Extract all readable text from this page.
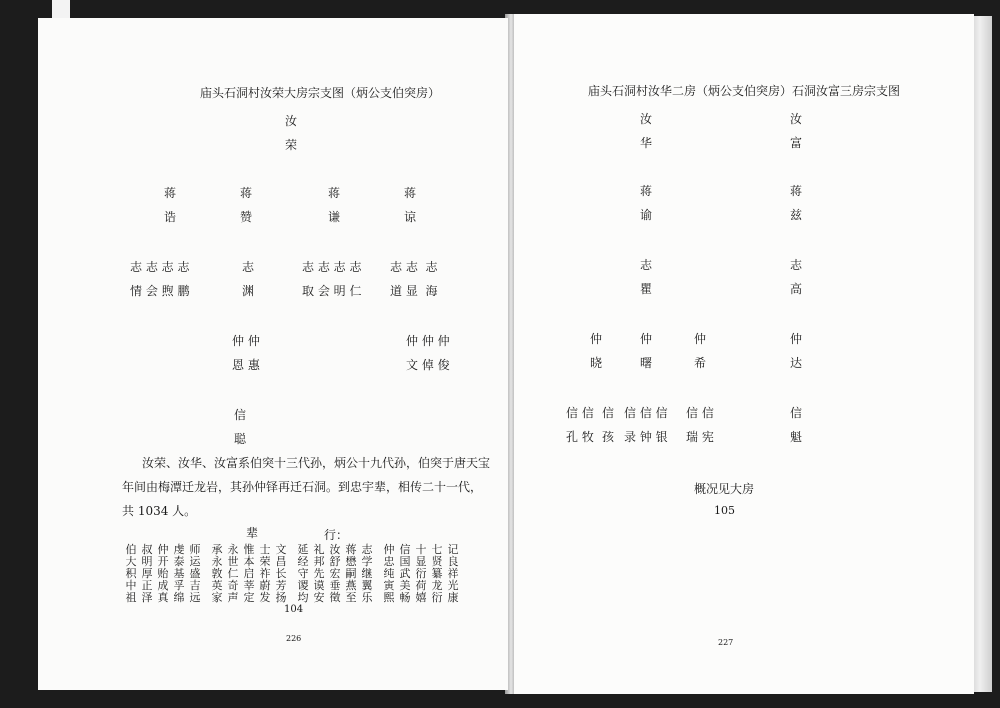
庙头石洞村汝荣大房宗支图（炳公支伯突房）
汝
荣
蒋
诰
蒋
赞
蒋
谦
蒋
谅
志 志 志 志
情 会 煦 鹏
志
渊
志 志 志 志
取 会 明 仁
志 志  志
道 显  海
仲 仲
恩 惠
仲 仲 仲
文 倬 俊
信
聪
汝荣、汝华、汝富系伯突十三代孙，炳公十九代孙，伯突于唐天宝
年间由梅潭迁龙岩，其孙仲铎再迁石洞。到忠宇辈，相传二十一代，
共 1034 人。
辈	行：
伯大积中祖
叔明厚正泽
仲开贻成真
虔泰基孚绵
师运盛吉远
承永敦英家
永世仁奇声
惟本启莘定
士荣祚蔚发
文昌长芳扬
延经守谡均
礼邦先谟安
汝舒宏垂徵
蒋懋嗣燕至
志学继翼乐
仲忠纯寅熙
信国武美畅
十显衍荷嬉
七贤纂龙衍
记良祥光康
104
226
庙头石洞村汝华二房（炳公支伯突房）石洞汝富三房宗支图
汝
华
汝
富
蒋
谕
蒋
兹
志
瞿
志
高
仲
晓
仲
曙
仲
希
仲
达
信 信
孔 牧
信
孩
信 信 信
录 钟 银
信 信
瑞 宪
信
魁
概况见大房
105
227
